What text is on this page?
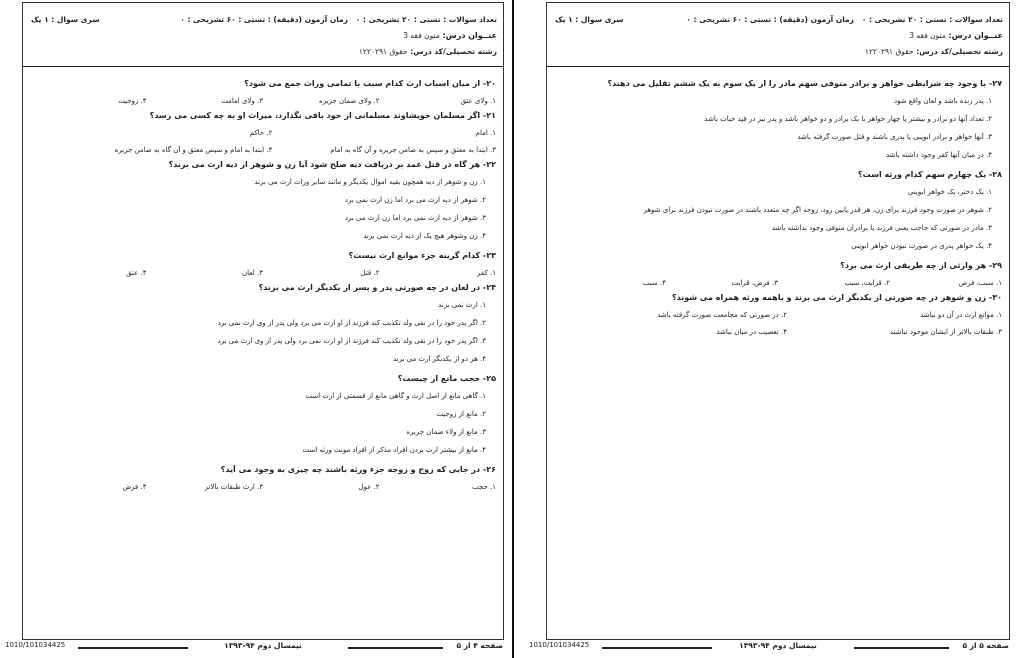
تعداد سوالات : تستی : ۲۰ تشریحی : ۰
زمان آزمون (دقیقه) : تستی : ۶۰ تشریحی : ۰
سری سوال : ۱ یک
عنــوان درس: متون فقه 3
رشته تحصیلی/کد درس: حقوق ۱۲۲۰۲۹۱
۲۰- از میان اسباب ارث کدام سبب با تمامی وراث جمع می شود؟
۱. ولای عتق
۲. ولای ضمان جریره
۳. ولای امامت
۴. زوجیت
۲۱- اگر مسلمان خویشاوند مسلمانی از خود باقی نگذارد، میراث او به چه کسی می رسد؟
۱. امام
۲. حاکم
۳. ابتدا به معتق و سپس به ضامن جریره و آن گاه به امام
۴. ابتدا به امام و سپس معتق و آن گاه به ضامن جریره
۲۲- هر گاه در قتل عمد بر دریافت دیه صلح شود آیا زن و شوهر از دیه ارث می برند؟
۱. زن و شوهر از دیه همچون بقیه اموال یکدیگر و مانند سایر وراث ارث می برند
۲. شوهر از دیه ارث می برد اما زن ارث نمی برد
۳. شوهر از دیه ارث نمی برد اما زن ارث می برد
۴. زن وشوهر هیچ یک از دیه ارث نمی برند
۲۳- کدام گزینه جزء موانع ارث نیست؟
۱. کفر
۲. قتل
۳. لعان
۴. عتق
۲۴- در لعان در چه صورتی پدر و پسر از یکدیگر ارث می برند؟
۱. ارث نمی برند
۲. اگر پدر خود را در نفی ولد تکذیب کند فرزند از او ارث می برد ولی پدر از وی ارث نمی برد
۳. اگر پدر خود را در نفی ولد تکذیب کند فرزند از او ارث نمی برد ولی پدر از وی ارث می برد
۴. هر دو از یکدیگر ارث می برند
۲۵- حجب مانع از چیست؟
۱. گاهی مانع از اصل ارث و گاهی مانع از قسمتی از ارث است
۲. مانع از زوجیت
۳. مانع از ولاء ضمان جریره
۴. مانع از بیشتر ارث بردن افراد مذکر از افراد مونث ورثه است
۲۶- در جایی که زوج و زوجه جزء ورثه باشند چه چیزی به وجود می آید؟
۱. حجب
۲. عول
۳. ارث طبقات بالاتر
۴. فرض
صفحه ۴ از ۵
نیمسال دوم ۹۴-۱۳۹۳
1010/101034425
تعداد سوالات : تستی : ۲۰ تشریحی : ۰
زمان آزمون (دقیقه) : تستی : ۶۰ تشریحی : ۰
سری سوال : ۱ یک
عنــوان درس: متون فقه 3
رشته تحصیلی/کد درس: حقوق ۱۲۲۰۲۹۱
۲۷- با وجود چه شرایطی خواهر و برادر متوفی سهم مادر را از یک سوم به یک ششم تقلیل می دهند؟
۱. پدر زنده باشد و لعان واقع شود
۲. تعداد آنها دو برادر و بیشتر یا چهار خواهر یا یک برادر و دو خواهر باشد و پدر نیز در قید حیات باشد
۳. آنها خواهر و برادر ابوینی یا پدری باشند و قتل صورت گرفته باشد
۴. در میان آنها کفر وجود داشته باشد
۲۸- یک چهارم سهم کدام ورثه است؟
۱. یک دختر، یک خواهر ابوینی
۲. شوهر در صورت وجود فرزند برای زن، هر قدر پایین رود، زوجه اگر چه متعدد باشند در صورت نبودن فرزند برای شوهر
۳. مادر در صورتی که حاجب یعنی فرزند یا برادران متوفی وجود نداشته باشد
۴. یک خواهر پدری در صورت نبودن خواهر ابوینی
۲۹- هر وارثی از چه طریقی ارث می برد؟
۱. سبب، فرض
۲. قرابت، سبب
۳. فرض، قرابت
۴. سبب
۳۰- زن و شوهر در چه صورتی از یکدیگر ارث می برند و باهمه ورثه همراه می شوند؟
۱. موانع ارث در آن دو نباشد
۲. در صورتی که مجامعت صورت گرفته باشد
۳. طبقات بالاتر از ایشان موجود نباشند
۴. تعصیب در میان نباشد
صفحه ۵ از ۵
نیمسال دوم ۹۴-۱۳۹۳
1010/101034425
